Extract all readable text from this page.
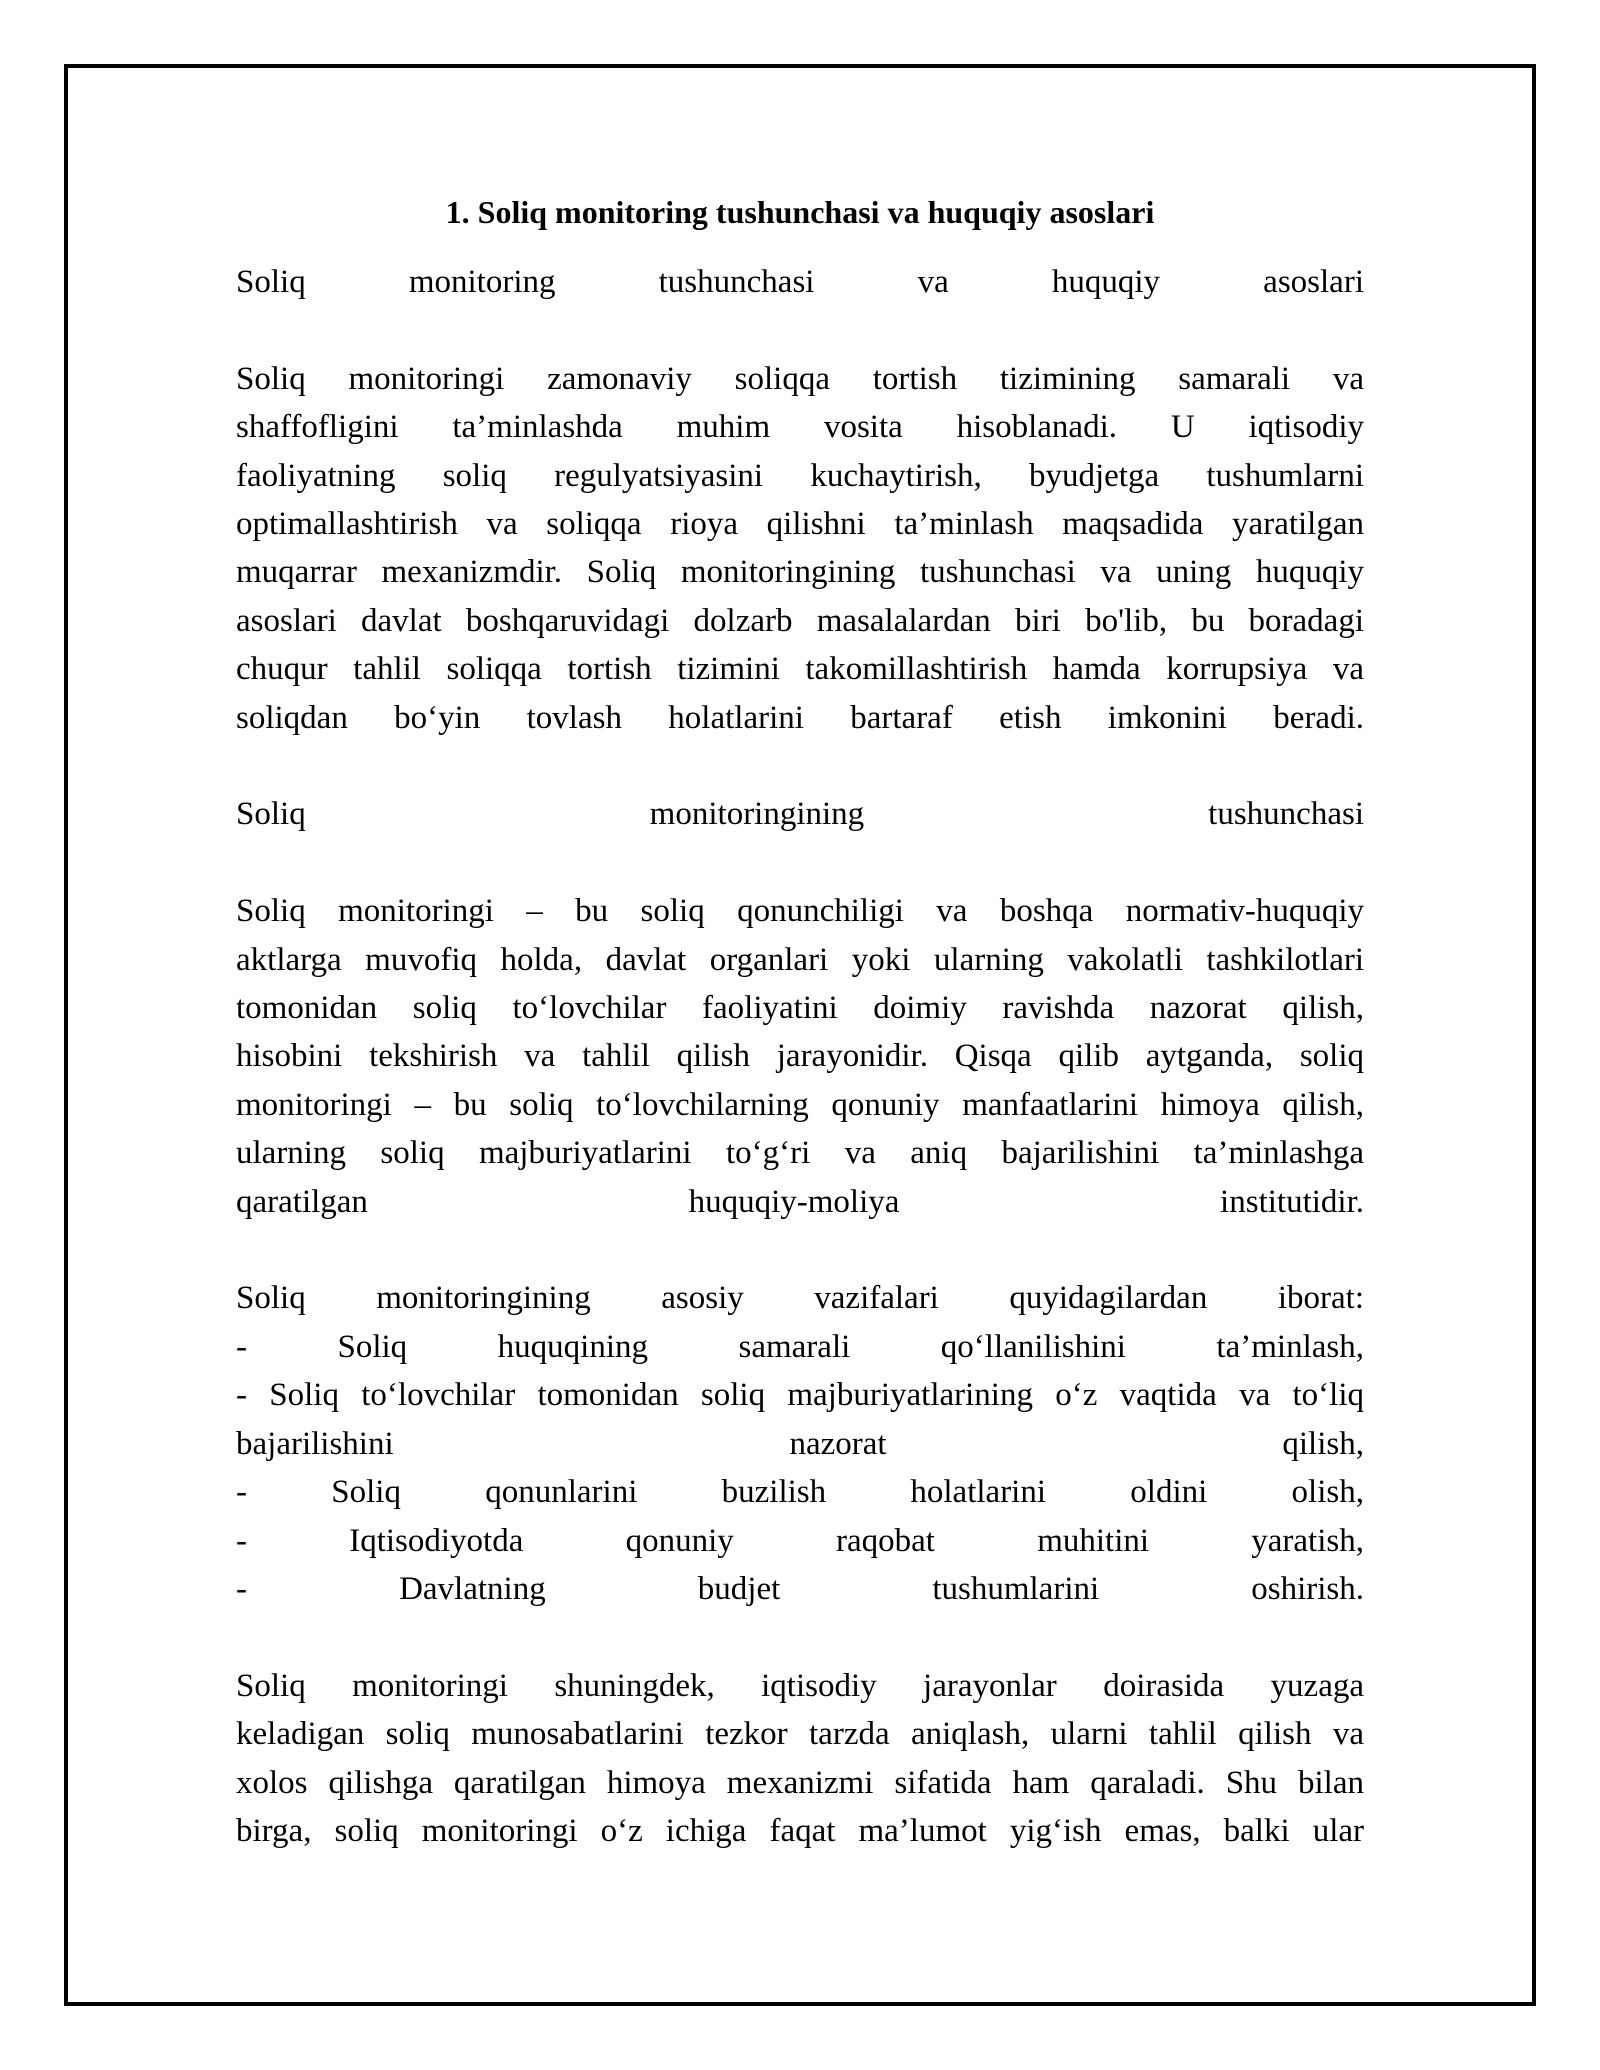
1. Soliq monitoring tushunchasi va huquqiy asoslari
Soliq monitoring tushunchasi va huquqiy asoslari
Soliq monitoringi zamonaviy soliqqa tortish tizimining samarali va
shaffofligini ta’minlashda muhim vosita hisoblanadi. U iqtisodiy
faoliyatning soliq regulyatsiyasini kuchaytirish, byudjetga tushumlarni
optimallashtirish va soliqqa rioya qilishni ta’minlash maqsadida yaratilgan
muqarrar mexanizmdir. Soliq monitoringining tushunchasi va uning huquqiy
asoslari davlat boshqaruvidagi dolzarb masalalardan biri bo'lib, bu boradagi
chuqur tahlil soliqqa tortish tizimini takomillashtirish hamda korrupsiya va
soliqdan bo‘yin tovlash holatlarini bartaraf etish imkonini beradi.
Soliq monitoringining tushunchasi
Soliq monitoringi – bu soliq qonunchiligi va boshqa normativ-huquqiy
aktlarga muvofiq holda, davlat organlari yoki ularning vakolatli tashkilotlari
tomonidan soliq to‘lovchilar faoliyatini doimiy ravishda nazorat qilish,
hisobini tekshirish va tahlil qilish jarayonidir. Qisqa qilib aytganda, soliq
monitoringi – bu soliq to‘lovchilarning qonuniy manfaatlarini himoya qilish,
ularning soliq majburiyatlarini to‘g‘ri va aniq bajarilishini ta’minlashga
qaratilgan huquqiy-moliya institutidir.
Soliq monitoringining asosiy vazifalari quyidagilardan iborat:
- Soliq huquqining samarali qo‘llanilishini ta’minlash,
- Soliq to‘lovchilar tomonidan soliq majburiyatlarining o‘z vaqtida va to‘liq
bajarilishini nazorat qilish,
- Soliq qonunlarini buzilish holatlarini oldini olish,
- Iqtisodiyotda qonuniy raqobat muhitini yaratish,
- Davlatning budjet tushumlarini oshirish.
Soliq monitoringi shuningdek, iqtisodiy jarayonlar doirasida yuzaga
keladigan soliq munosabatlarini tezkor tarzda aniqlash, ularni tahlil qilish va
xolos qilishga qaratilgan himoya mexanizmi sifatida ham qaraladi. Shu bilan
birga, soliq monitoringi o‘z ichiga faqat ma’lumot yig‘ish emas, balki ular
